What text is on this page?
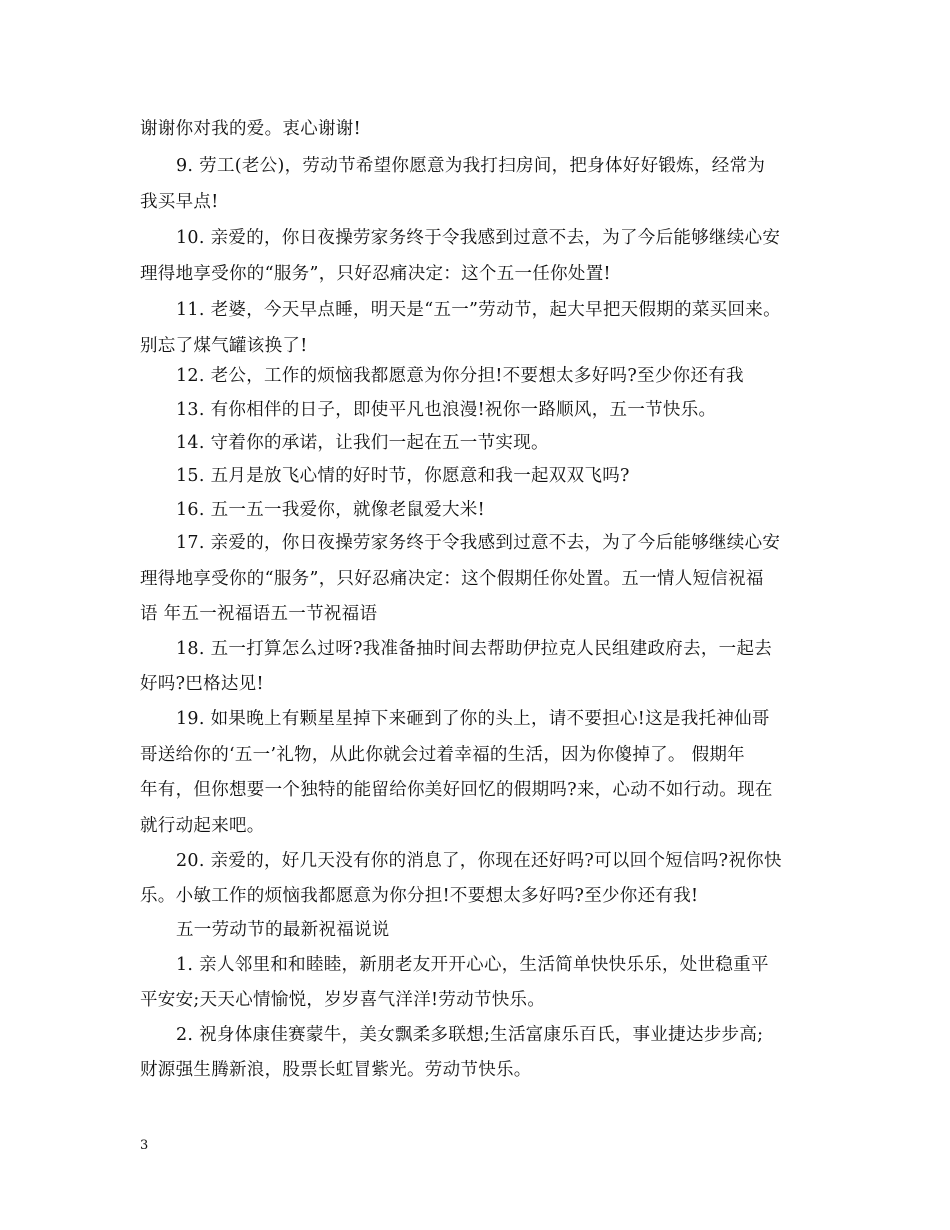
谢谢你对我的爱。衷心谢谢!
9. 劳工(老公)，劳动节希望你愿意为我打扫房间，把身体好好锻炼，经常为
我买早点!
10. 亲爱的，你日夜操劳家务终于令我感到过意不去，为了今后能够继续心安
理得地享受你的“服务”，只好忍痛决定：这个五一任你处置!
11. 老婆，今天早点睡，明天是“五一”劳动节，起大早把天假期的菜买回来。
别忘了煤气罐该换了!
12. 老公，工作的烦恼我都愿意为你分担!不要想太多好吗?至少你还有我
13. 有你相伴的日子，即使平凡也浪漫!祝你一路顺风，五一节快乐。
14. 守着你的承诺，让我们一起在五一节实现。
15. 五月是放飞心情的好时节，你愿意和我一起双双飞吗?
16. 五一五一我爱你，就像老鼠爱大米!
17. 亲爱的，你日夜操劳家务终于令我感到过意不去，为了今后能够继续心安
理得地享受你的“服务”，只好忍痛决定：这个假期任你处置。五一情人短信祝福
语 年五一祝福语五一节祝福语
18. 五一打算怎么过呀?我准备抽时间去帮助伊拉克人民组建政府去，一起去
好吗?巴格达见!
19. 如果晚上有颗星星掉下来砸到了你的头上，请不要担心!这是我托神仙哥
哥送给你的‘五一’礼物，从此你就会过着幸福的生活，因为你傻掉了。 假期年
年有，但你想要一个独特的能留给你美好回忆的假期吗?来，心动不如行动。现在
就行动起来吧。
20. 亲爱的，好几天没有你的消息了，你现在还好吗?可以回个短信吗?祝你快
乐。小敏工作的烦恼我都愿意为你分担!不要想太多好吗?至少你还有我!
五一劳动节的最新祝福说说
1. 亲人邻里和和睦睦，新朋老友开开心心，生活简单快快乐乐，处世稳重平
平安安;天天心情愉悦，岁岁喜气洋洋!劳动节快乐。
2. 祝身体康佳赛蒙牛，美女飘柔多联想;生活富康乐百氏，事业捷达步步高;
财源强生腾新浪，股票长虹冒紫光。劳动节快乐。
3
